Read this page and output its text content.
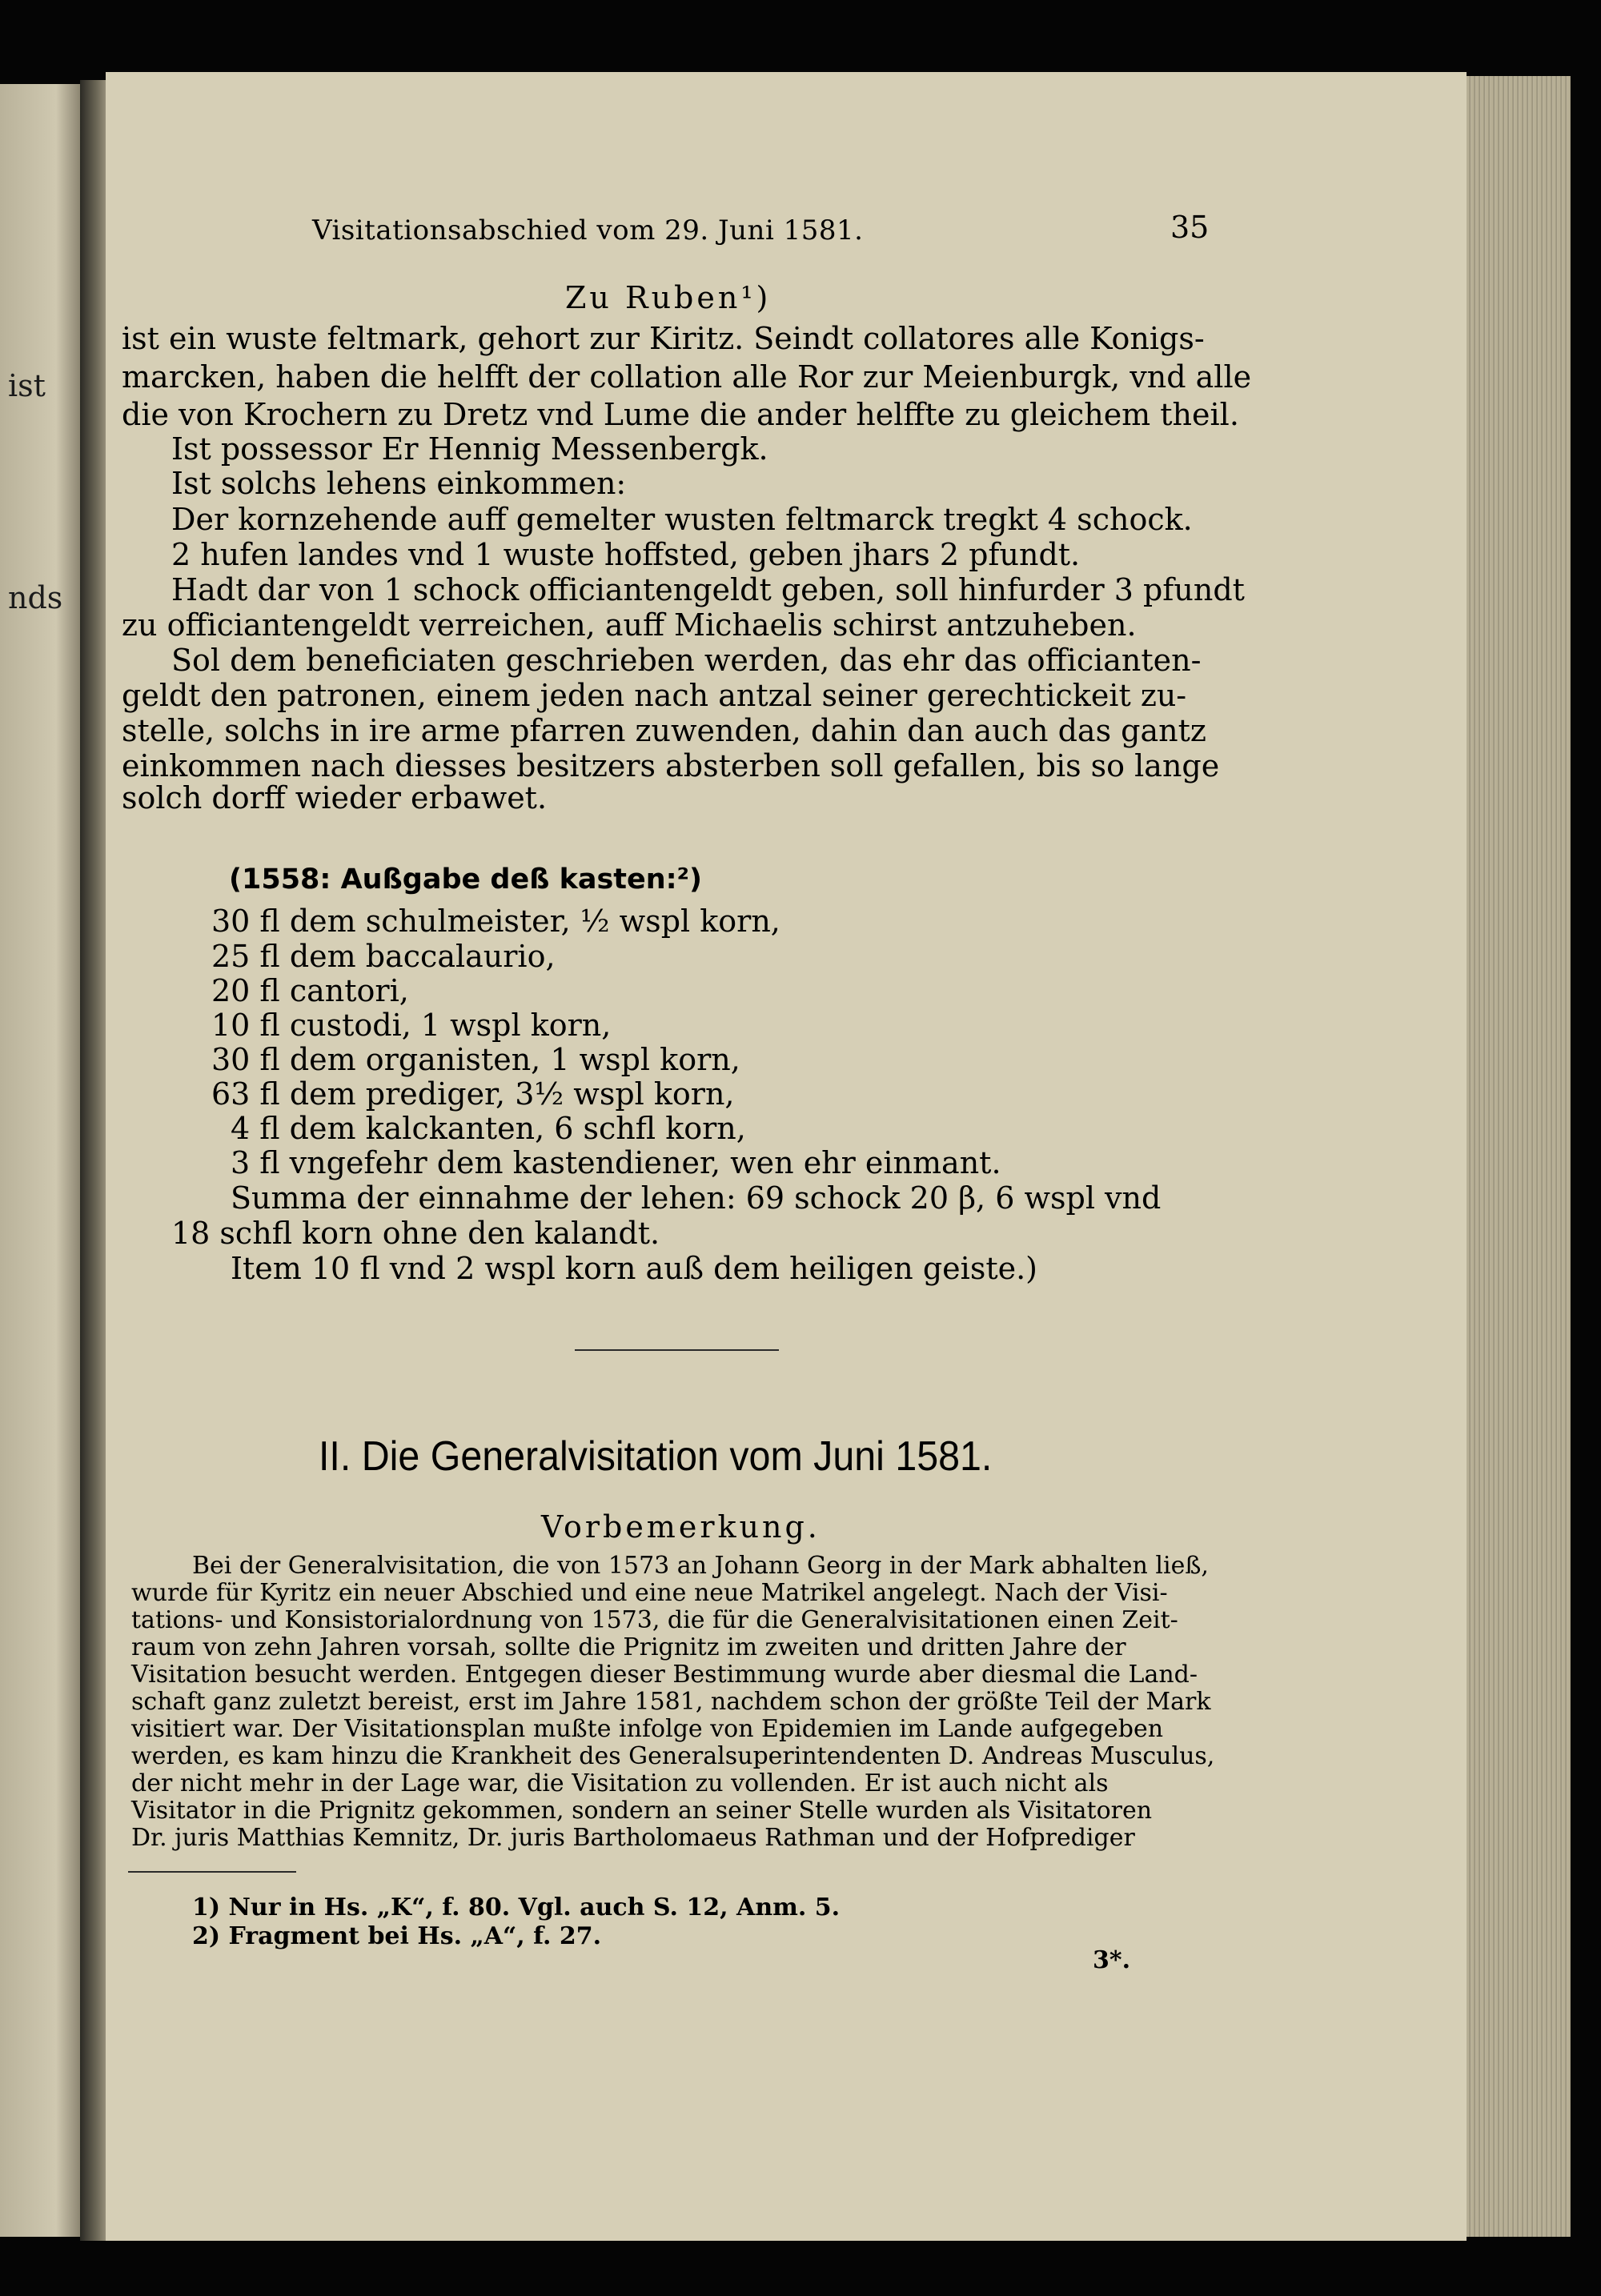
ist
nds
Visitationsabschied vom 29. Juni 1581.	35
Zu Ruben¹)
ist ein wuste feltmark, gehort zur Kiritz. Seindt collatores alle Konigs-
marcken, haben die helfft der collation alle Ror zur Meienburgk, vnd alle
die von Krochern zu Dretz vnd Lume die ander helffte zu gleichem theil.
Ist possessor Er Hennig Messenbergk.
Ist solchs lehens einkommen:
Der kornzehende auff gemelter wusten feltmarck tregkt 4 schock.
2 hufen landes vnd 1 wuste hoffsted, geben jhars 2 pfundt.
Hadt dar von 1 schock officiantengeldt geben, soll hinfurder 3 pfundt
zu officiantengeldt verreichen, auff Michaelis schirst antzuheben.
Sol dem beneficiaten geschrieben werden, das ehr das officianten-
geldt den patronen, einem jeden nach antzal seiner gerechtickeit zu-
stelle, solchs in ire arme pfarren zuwenden, dahin dan auch das gantz
einkommen nach diesses besitzers absterben soll gefallen, bis so lange
solch dorff wieder erbawet.
(1558: Außgabe deß kasten:²)
30 fl dem schulmeister, ½ wspl korn,
25 fl dem baccalaurio,
20 fl cantori,
10 fl custodi, 1 wspl korn,
30 fl dem organisten, 1 wspl korn,
63 fl dem prediger, 3½ wspl korn,
4 fl dem kalckanten, 6 schfl korn,
3 fl vngefehr dem kastendiener, wen ehr einmant.
Summa der einnahme der lehen: 69 schock 20 β, 6 wspl vnd
18 schfl korn ohne den kalandt.
Item 10 fl vnd 2 wspl korn auß dem heiligen geiste.)
II. Die Generalvisitation vom Juni 1581.
Vorbemerkung.
Bei der Generalvisitation, die von 1573 an Johann Georg in der Mark abhalten ließ,
wurde für Kyritz ein neuer Abschied und eine neue Matrikel angelegt. Nach der Visi-
tations- und Konsistorialordnung von 1573, die für die Generalvisitationen einen Zeit-
raum von zehn Jahren vorsah, sollte die Prignitz im zweiten und dritten Jahre der
Visitation besucht werden. Entgegen dieser Bestimmung wurde aber diesmal die Land-
schaft ganz zuletzt bereist, erst im Jahre 1581, nachdem schon der größte Teil der Mark
visitiert war. Der Visitationsplan mußte infolge von Epidemien im Lande aufgegeben
werden, es kam hinzu die Krankheit des Generalsuperintendenten D. Andreas Musculus,
der nicht mehr in der Lage war, die Visitation zu vollenden. Er ist auch nicht als
Visitator in die Prignitz gekommen, sondern an seiner Stelle wurden als Visitatoren
Dr. juris Matthias Kemnitz, Dr. juris Bartholomaeus Rathman und der Hofprediger
1) Nur in Hs. „K“, f. 80. Vgl. auch S. 12, Anm. 5.
2) Fragment bei Hs. „A“, f. 27.
3*.
